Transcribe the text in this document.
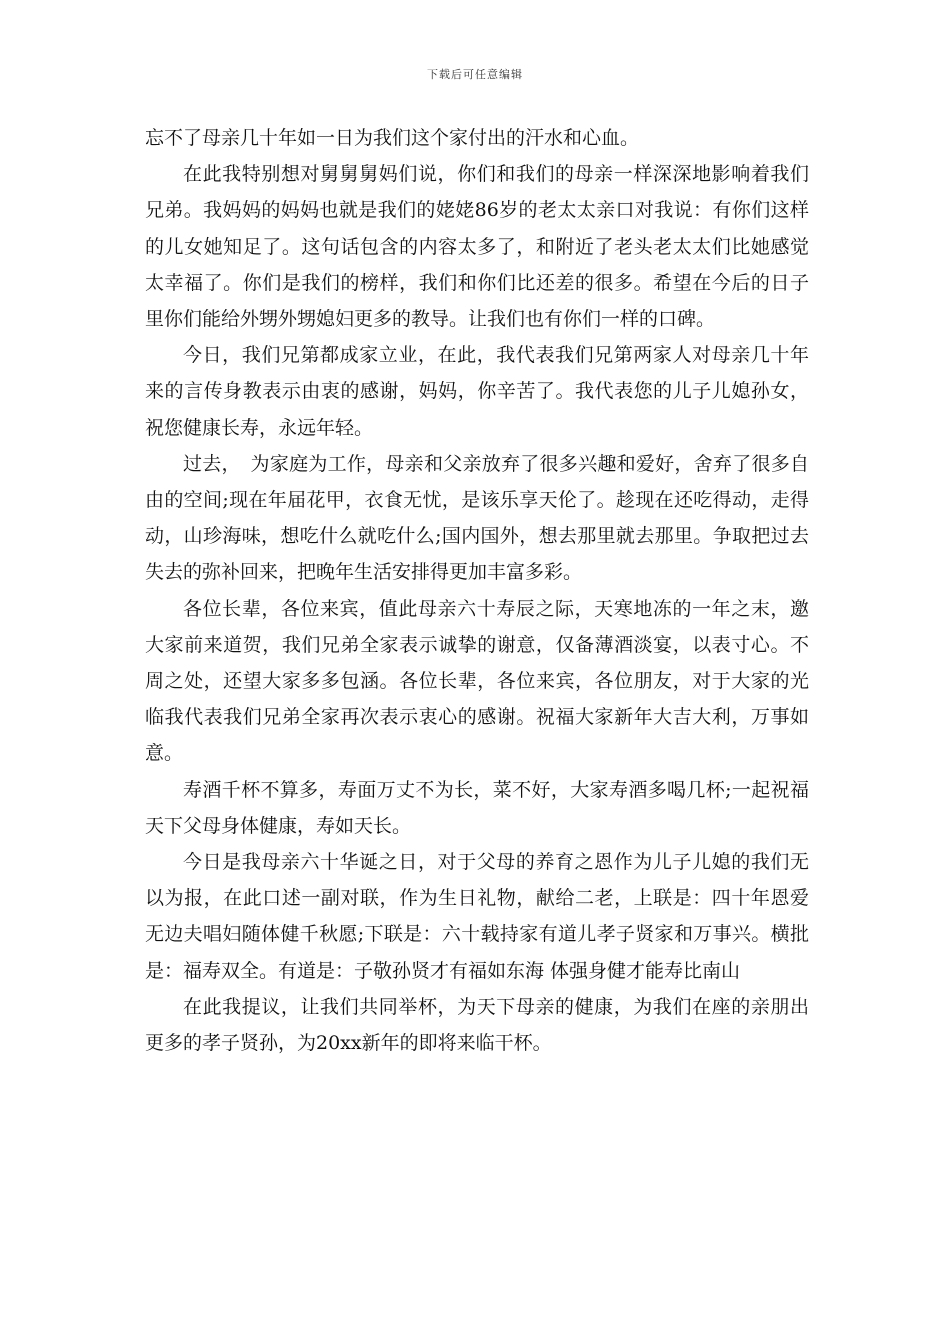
下载后可任意编辑

忘不了母亲几十年如一日为我们这个家付出的汗水和心血。

在此我特别想对舅舅舅妈们说，你们和我们的母亲一样深深地影响着我们兄弟。我妈妈的妈妈也就是我们的姥姥86岁的老太太亲口对我说：有你们这样的儿女她知足了。这句话包含的内容太多了，和附近了老头老太太们比她感觉太幸福了。你们是我们的榜样，我们和你们比还差的很多。希望在今后的日子里你们能给外甥外甥媳妇更多的教导。让我们也有你们一样的口碑。

今日，我们兄第都成家立业，在此，我代表我们兄第两家人对母亲几十年来的言传身教表示由衷的感谢，妈妈，你辛苦了。我代表您的儿子儿媳孙女，祝您健康长寿，永远年轻。

过去，　为家庭为工作，母亲和父亲放弃了很多兴趣和爱好，舍弃了很多自由的空间;现在年届花甲，衣食无忧，是该乐享天伦了。趁现在还吃得动，走得动，山珍海味，想吃什么就吃什么;国内国外，想去那里就去那里。争取把过去失去的弥补回来，把晚年生活安排得更加丰富多彩。

各位长辈，各位来宾，值此母亲六十寿辰之际，天寒地冻的一年之末，邀大家前来道贺，我们兄弟全家表示诚挚的谢意，仅备薄酒淡宴，以表寸心。不周之处，还望大家多多包涵。各位长辈，各位来宾，各位朋友，对于大家的光临我代表我们兄弟全家再次表示衷心的感谢。祝福大家新年大吉大利，万事如意。

寿酒千杯不算多，寿面万丈不为长，菜不好，大家寿酒多喝几杯;一起祝福天下父母身体健康，寿如天长。

今日是我母亲六十华诞之日，对于父母的养育之恩作为儿子儿媳的我们无以为报，在此口述一副对联，作为生日礼物，献给二老，上联是：四十年恩爱无边夫唱妇随体健千秋愿;下联是：六十载持家有道儿孝子贤家和万事兴。横批是：福寿双全。有道是：子敬孙贤才有福如东海 体强身健才能寿比南山

在此我提议，让我们共同举杯，为天下母亲的健康，为我们在座的亲朋出更多的孝子贤孙，为20xx新年的即将来临干杯。
